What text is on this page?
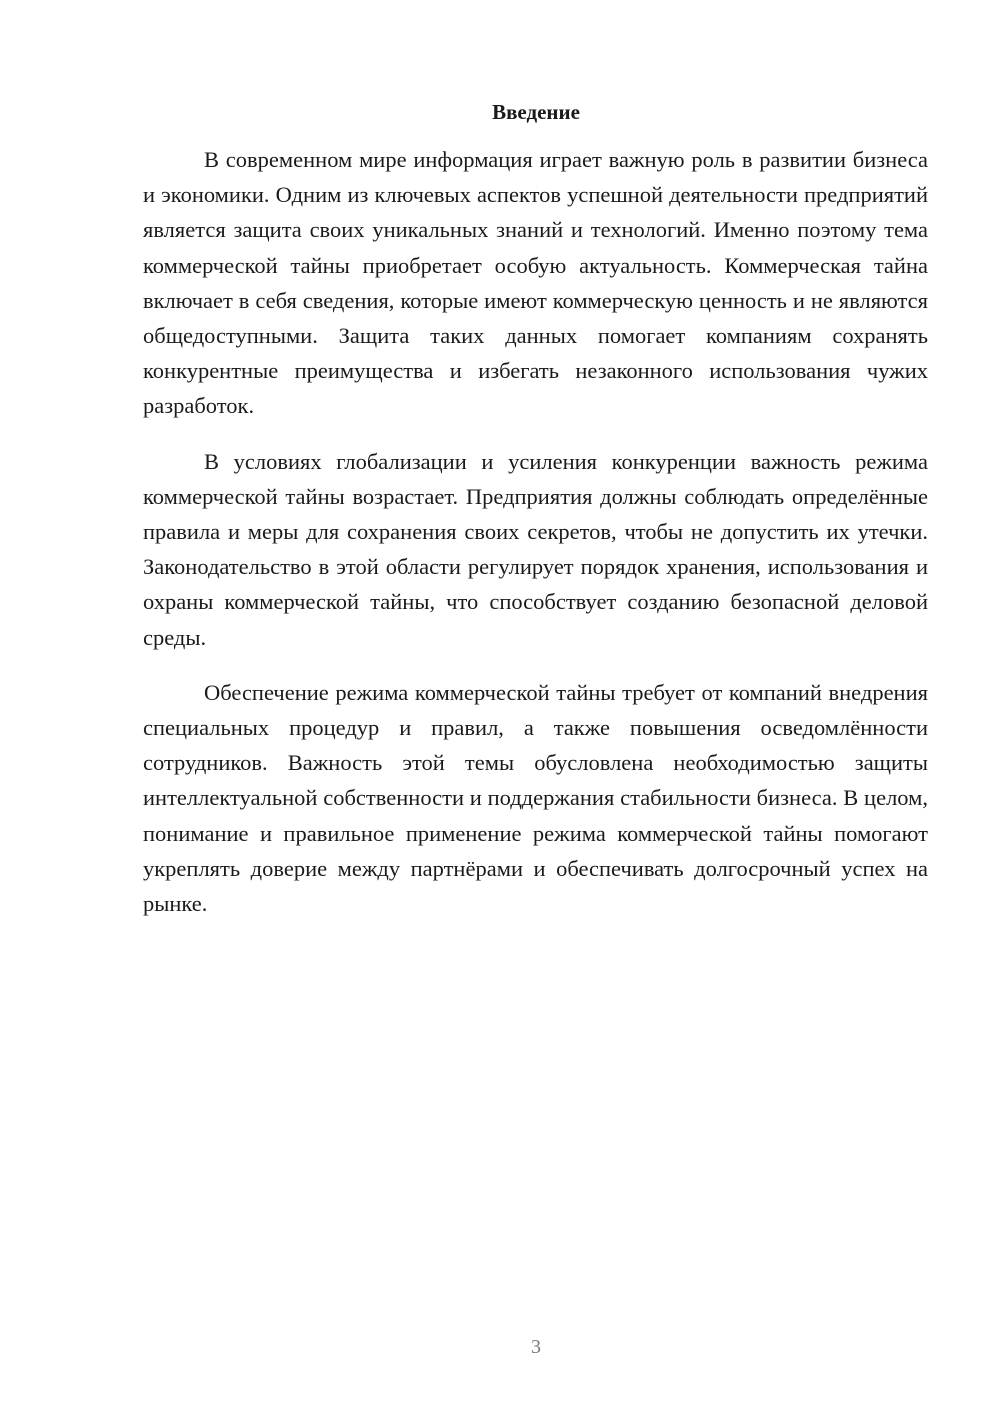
Введение

В современном мире информация играет важную роль в развитии бизнеса и экономики. Одним из ключевых аспектов успешной деятельности предприятий является защита своих уникальных знаний и технологий. Именно поэтому тема коммерческой тайны приобретает особую актуальность. Коммерческая тайна включает в себя сведения, которые имеют коммерческую ценность и не являются общедоступными. Защита таких данных помогает компаниям сохранять конкурентные преимущества и избегать незаконного использования чужих разработок.

В условиях глобализации и усиления конкуренции важность режима коммерческой тайны возрастает. Предприятия должны соблюдать определённые правила и меры для сохранения своих секретов, чтобы не допустить их утечки. Законодательство в этой области регулирует порядок хранения, использования и охраны коммерческой тайны, что способствует созданию безопасной деловой среды.

Обеспечение режима коммерческой тайны требует от компаний внедрения специальных процедур и правил, а также повышения осведомлённости сотрудников. Важность этой темы обусловлена необходимостью защиты интеллектуальной собственности и поддержания стабильности бизнеса. В целом, понимание и правильное применение режима коммерческой тайны помогают укреплять доверие между партнёрами и обеспечивать долгосрочный успех на рынке.

3
